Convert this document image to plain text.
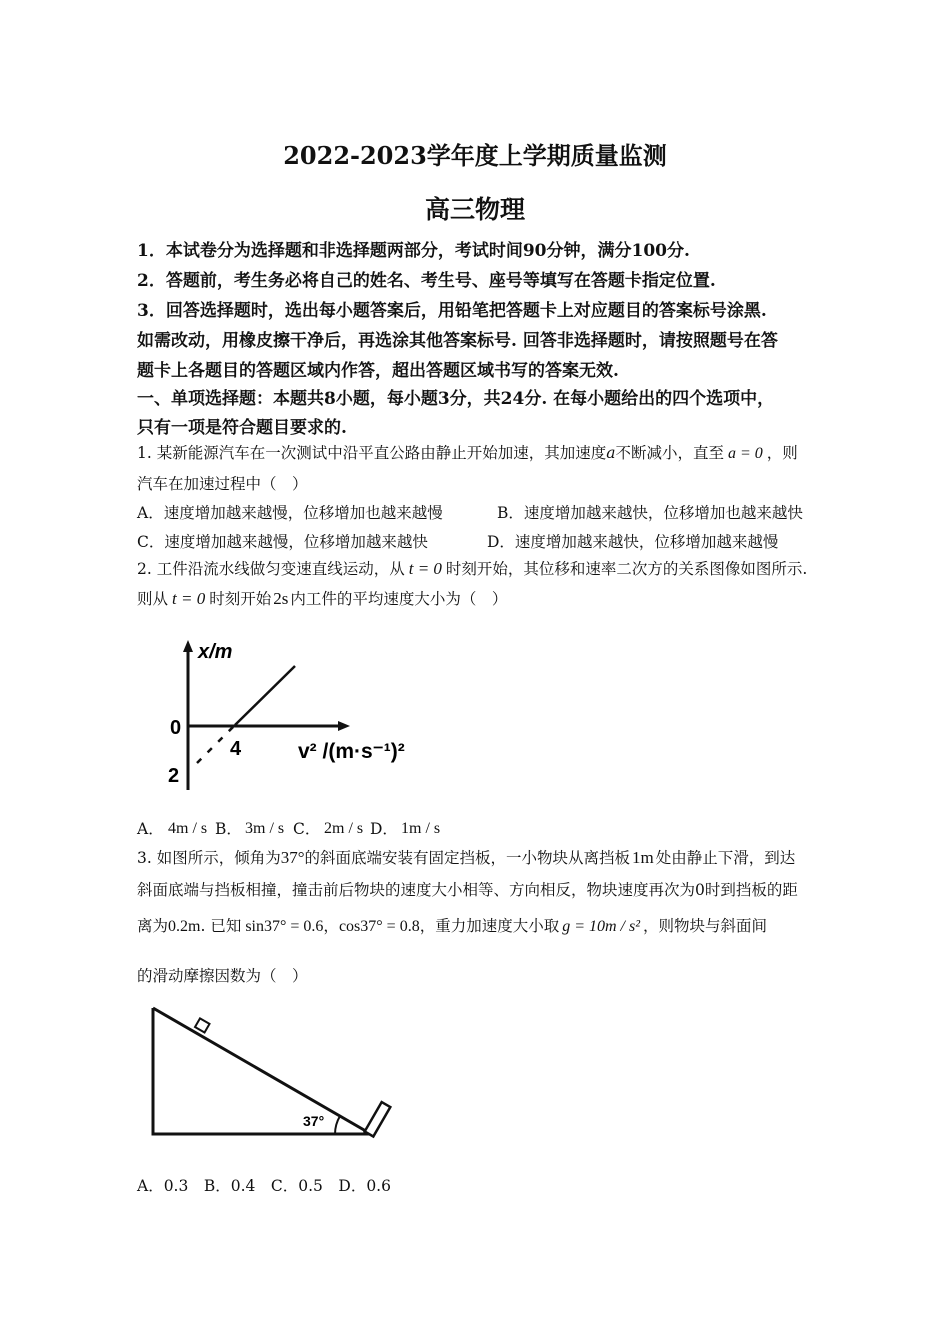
2022-2023学年度上学期质量监测
高三物理
1．本试卷分为选择题和非选择题两部分，考试时间90分钟，满分100分.
2．答题前，考生务必将自己的姓名、考生号、座号等填写在答题卡指定位置.
3．回答选择题时，选出每小题答案后，用铅笔把答题卡上对应题目的答案标号涂黑.
如需改动，用橡皮擦干净后，再选涂其他答案标号. 回答非选择题时，请按照题号在答
题卡上各题目的答题区域内作答，超出答题区域书写的答案无效.
一、单项选择题：本题共8小题，每小题3分，共24分. 在每小题给出的四个选项中，
只有一项是符合题目要求的.
1. 某新能源汽车在一次测试中沿平直公路由静止开始加速，其加速度a不断减小，直至 a = 0 ，则
汽车在加速过程中（　）
A．速度增加越来越慢，位移增加也越来越慢	B．速度增加越来越快，位移增加也越来越快
C．速度增加越来越慢，位移增加越来越快	D．速度增加越来越快，位移增加越来越慢
2. 工件沿流水线做匀变速直线运动，从 t = 0 时刻开始，其位移和速率二次方的关系图像如图所示.
则从 t = 0 时刻开始 2s 内工件的平均速度大小为（　）
x/m
0
4
2
v² /(m·s⁻¹)²
A． 4m / s B． 3m / s C． 2m / s D． 1m / s
3. 如图所示，倾角为37°的斜面底端安装有固定挡板，一小物块从离挡板 1m 处由静止下滑，到达
斜面底端与挡板相撞，撞击前后物块的速度大小相等、方向相反，物块速度再次为0时到挡板的距
离为0.2m. 已知 sin37° = 0.6，cos37° = 0.8，重力加速度大小取 g = 10m / s² ，则物块与斜面间
的滑动摩擦因数为（　）
37°
A．0.3　B．0.4　C．0.5　D．0.6
